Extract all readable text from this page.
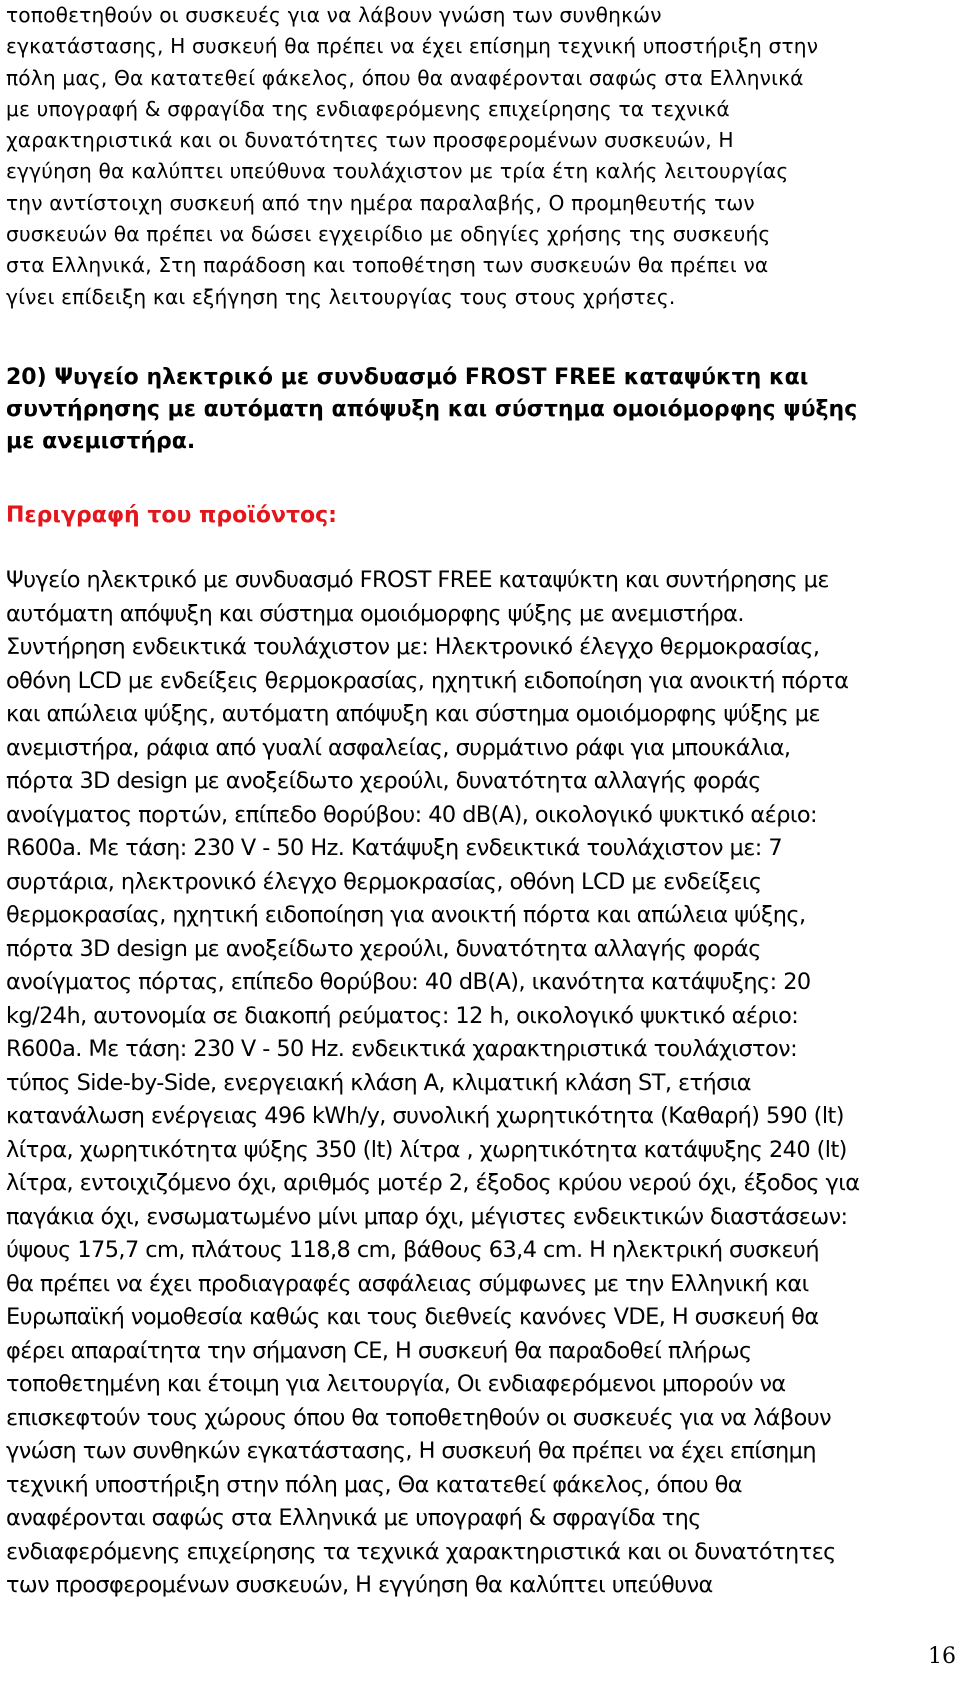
τοποθετηθούν οι συσκευές για να λάβουν γνώση των συνθηκών
εγκατάστασης, Η συσκευή θα πρέπει να έχει επίσημη τεχνική υποστήριξη στην
πόλη μας, Θα κατατεθεί φάκελος, όπου θα αναφέρονται σαφώς στα Ελληνικά
με υπογραφή & σφραγίδα της ενδιαφερόμενης επιχείρησης τα τεχνικά
χαρακτηριστικά και οι δυνατότητες των προσφερομένων συσκευών, Η
εγγύηση θα καλύπτει υπεύθυνα τουλάχιστον με τρία έτη καλής λειτουργίας
την αντίστοιχη συσκευή από την ημέρα παραλαβής, Ο προμηθευτής των
συσκευών θα πρέπει να δώσει εγχειρίδιο με οδηγίες χρήσης της συσκευής
στα Ελληνικά, Στη παράδοση και τοποθέτηση των συσκευών θα πρέπει να
γίνει επίδειξη και εξήγηση της λειτουργίας τους στους χρήστες.
20) Ψυγείο ηλεκτρικό με συνδυασμό FROST FREE καταψύκτη και
συντήρησης με αυτόματη απόψυξη και σύστημα ομοιόμορφης ψύξης
με ανεμιστήρα.
Περιγραφή του προϊόντος:
Ψυγείο ηλεκτρικό με συνδυασμό FROST FREE καταψύκτη και συντήρησης με
αυτόματη απόψυξη και σύστημα ομοιόμορφης ψύξης με ανεμιστήρα.
Συντήρηση ενδεικτικά τουλάχιστον με: Ηλεκτρονικό έλεγχο θερμοκρασίας,
οθόνη LCD με ενδείξεις θερμοκρασίας, ηχητική ειδοποίηση για ανοικτή πόρτα
και απώλεια ψύξης, αυτόματη απόψυξη και σύστημα ομοιόμορφης ψύξης με
ανεμιστήρα, ράφια από γυαλί ασφαλείας, συρμάτινο ράφι για μπουκάλια,
πόρτα 3D design με ανοξείδωτο χερούλι, δυνατότητα αλλαγής φοράς
ανοίγματος πορτών, επίπεδο θορύβου: 40 dB(A), οικολογικό ψυκτικό αέριο:
R600a. Με τάση: 230 V - 50 Hz. Κατάψυξη ενδεικτικά τουλάχιστον με: 7
συρτάρια, ηλεκτρονικό έλεγχο θερμοκρασίας, οθόνη LCD με ενδείξεις
θερμοκρασίας, ηχητική ειδοποίηση για ανοικτή πόρτα και απώλεια ψύξης,
πόρτα 3D design με ανοξείδωτο χερούλι, δυνατότητα αλλαγής φοράς
ανοίγματος πόρτας, επίπεδο θορύβου: 40 dB(A), ικανότητα κατάψυξης: 20
kg/24h, αυτονομία σε διακοπή ρεύματος: 12 h, οικολογικό ψυκτικό αέριο:
R600a. Με τάση: 230 V - 50 Hz. ενδεικτικά χαρακτηριστικά τουλάχιστον:
τύπος Side-by-Side, ενεργειακή κλάση A, κλιματική κλάση ST, ετήσια
κατανάλωση ενέργειας 496 kWh/y, συνολική χωρητικότητα (Καθαρή) 590 (lt)
λίτρα, χωρητικότητα ψύξης 350 (lt) λίτρα , χωρητικότητα κατάψυξης 240 (lt)
λίτρα, εντοιχιζόμενο όχι, αριθμός μοτέρ 2, έξοδος κρύου νερού όχι, έξοδος για
παγάκια όχι, ενσωματωμένο μίνι μπαρ όχι, μέγιστες ενδεικτικών διαστάσεων:
ύψους 175,7 cm, πλάτους 118,8 cm, βάθους 63,4 cm. Η ηλεκτρική συσκευή
θα πρέπει να έχει προδιαγραφές ασφάλειας σύμφωνες με την Ελληνική και
Ευρωπαϊκή νομοθεσία καθώς και τους διεθνείς κανόνες VDE, Η συσκευή θα
φέρει απαραίτητα την σήμανση CE, Η συσκευή θα παραδοθεί πλήρως
τοποθετημένη και έτοιμη για λειτουργία, Οι ενδιαφερόμενοι μπορούν να
επισκεφτούν τους χώρους όπου θα τοποθετηθούν οι συσκευές για να λάβουν
γνώση των συνθηκών εγκατάστασης, Η συσκευή θα πρέπει να έχει επίσημη
τεχνική υποστήριξη στην πόλη μας, Θα κατατεθεί φάκελος, όπου θα
αναφέρονται σαφώς στα Ελληνικά με υπογραφή & σφραγίδα της
ενδιαφερόμενης επιχείρησης τα τεχνικά χαρακτηριστικά και οι δυνατότητες
των προσφερομένων συσκευών, Η εγγύηση θα καλύπτει υπεύθυνα
16
